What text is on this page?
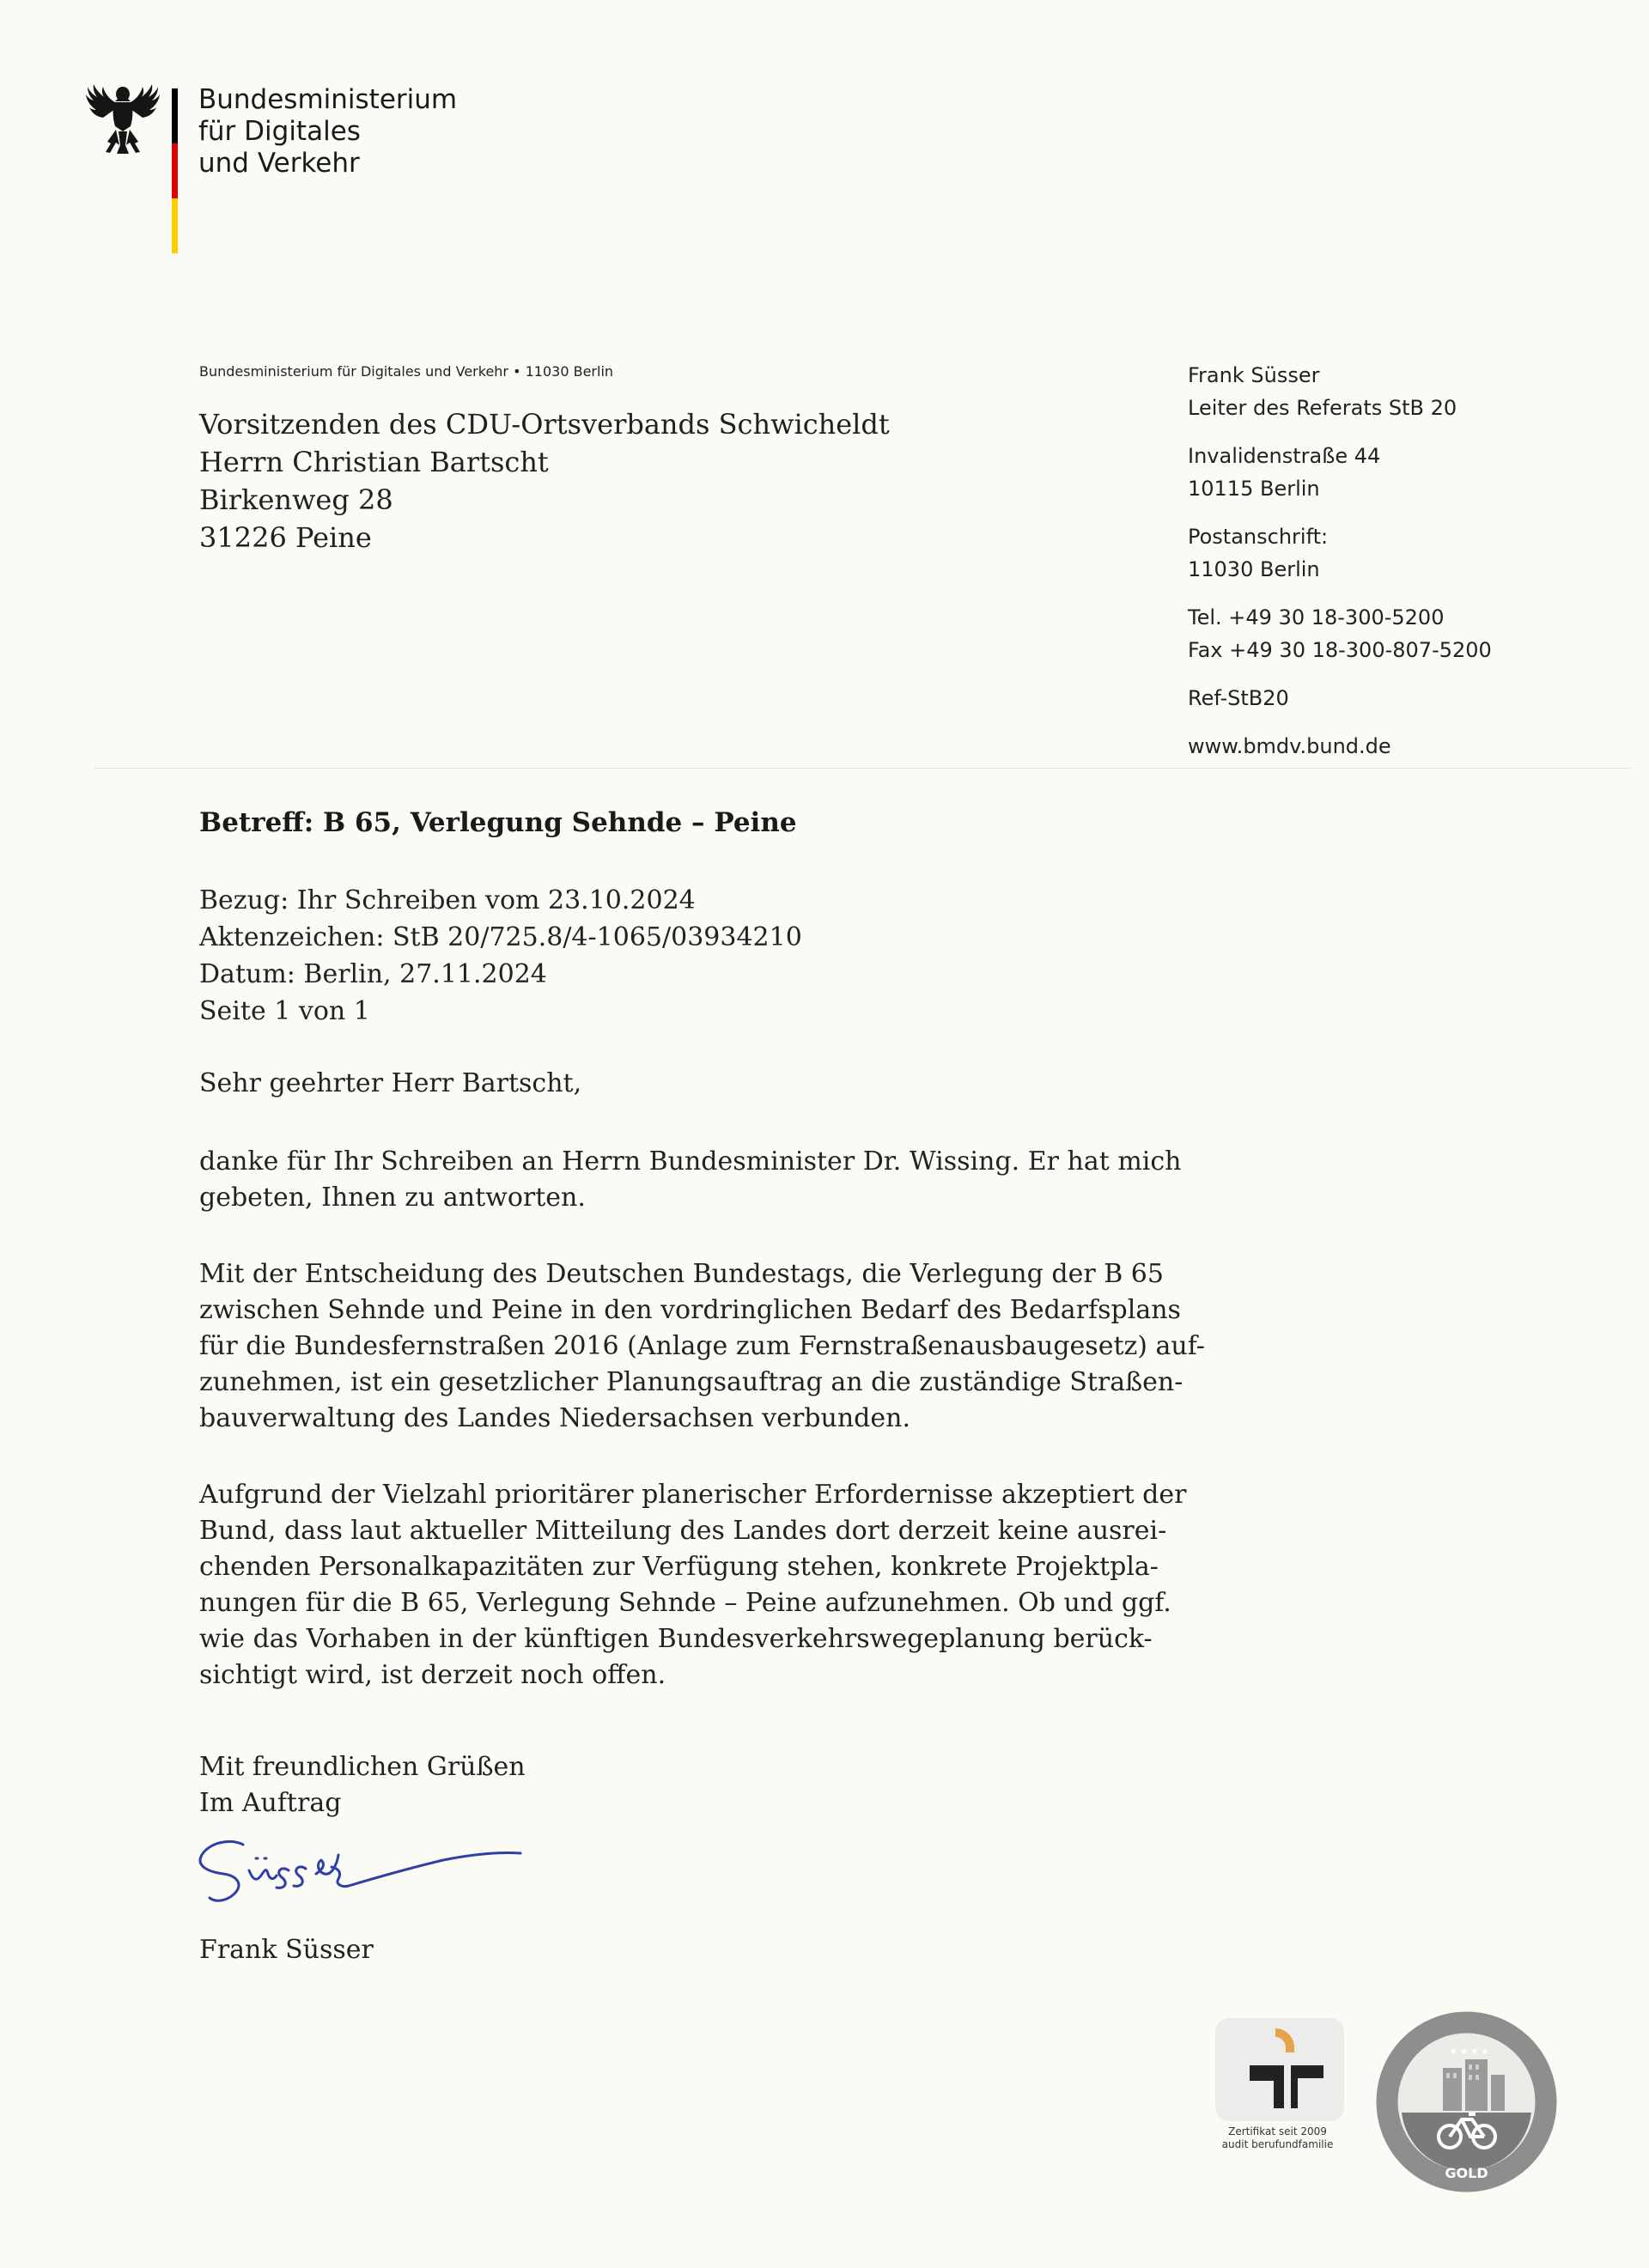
Bundesministerium
für Digitales
und Verkehr
Bundesministerium für Digitales und Verkehr • 11030 Berlin
Vorsitzenden des CDU-Ortsverbands Schwicheldt
Herrn Christian Bartscht
Birkenweg 28
31226 Peine
Frank Süsser
Leiter des Referats StB 20
Invalidenstraße 44
10115 Berlin
Postanschrift:
11030 Berlin
Tel. +49 30 18-300-5200
Fax +49 30 18-300-807-5200
Ref-StB20
www.bmdv.bund.de
Betreff: B 65, Verlegung Sehnde – Peine
Bezug: Ihr Schreiben vom 23.10.2024
Aktenzeichen: StB 20/725.8/4-1065/03934210
Datum: Berlin, 27.11.2024
Seite 1 von 1
Sehr geehrter Herr Bartscht,
danke für Ihr Schreiben an Herrn Bundesminister Dr. Wissing. Er hat mich
gebeten, Ihnen zu antworten.
Mit der Entscheidung des Deutschen Bundestags, die Verlegung der B 65
zwischen Sehnde und Peine in den vordringlichen Bedarf des Bedarfsplans
für die Bundesfernstraßen 2016 (Anlage zum Fernstraßenausbaugesetz) auf-
zunehmen, ist ein gesetzlicher Planungsauftrag an die zuständige Straßen-
bauverwaltung des Landes Niedersachsen verbunden.
Aufgrund der Vielzahl prioritärer planerischer Erfordernisse akzeptiert der
Bund, dass laut aktueller Mitteilung des Landes dort derzeit keine ausrei-
chenden Personalkapazitäten zur Verfügung stehen, konkrete Projektpla-
nungen für die B 65, Verlegung Sehnde – Peine aufzunehmen. Ob und ggf.
wie das Vorhaben in der künftigen Bundesverkehrswegeplanung berück-
sichtigt wird, ist derzeit noch offen.
Mit freundlichen Grüßen
Im Auftrag
Frank Süsser
Zertifikat seit 2009
audit berufundfamilie
★ ★ ★ ★
GOLD
